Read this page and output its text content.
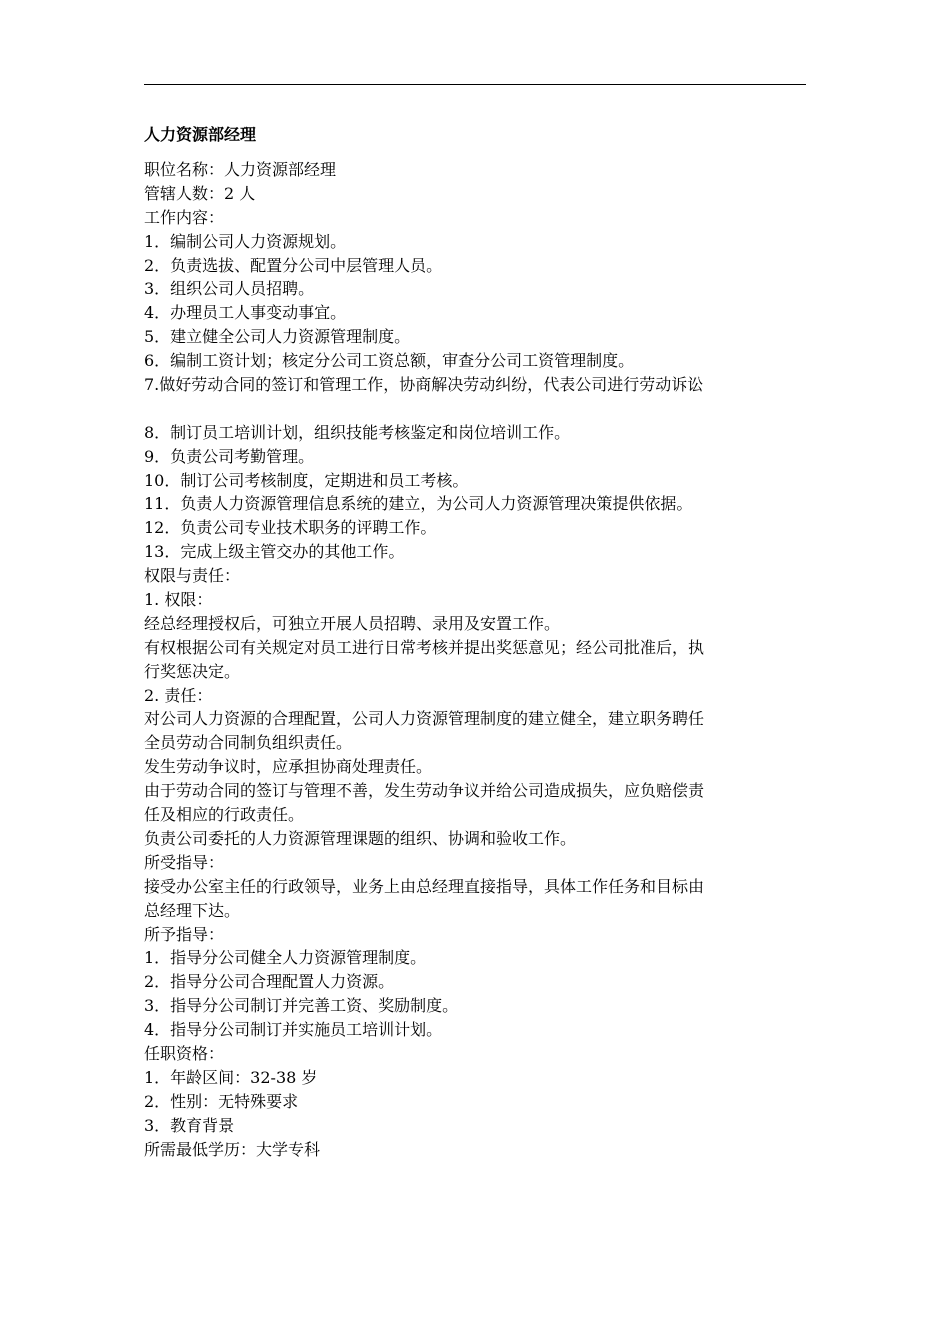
人力资源部经理
职位名称：人力资源部经理
管辖人数：2 人
工作内容：
1．编制公司人力资源规划。
2．负责选拔、配置分公司中层管理人员。
3．组织公司人员招聘。
4．办理员工人事变动事宜。
5．建立健全公司人力资源管理制度。
6．编制工资计划；核定分公司工资总额，审查分公司工资管理制度。
7.做好劳动合同的签订和管理工作，协商解决劳动纠纷，代表公司进行劳动诉讼
8．制订员工培训计划，组织技能考核鉴定和岗位培训工作。
9．负责公司考勤管理。
10．制订公司考核制度，定期进和员工考核。
11．负责人力资源管理信息系统的建立，为公司人力资源管理决策提供依据。
12．负责公司专业技术职务的评聘工作。
13．完成上级主管交办的其他工作。
权限与责任：
1. 权限：
经总经理授权后，可独立开展人员招聘、录用及安置工作。
有权根据公司有关规定对员工进行日常考核并提出奖惩意见；经公司批准后，执
行奖惩决定。
2. 责任：
对公司人力资源的合理配置，公司人力资源管理制度的建立健全，建立职务聘任
全员劳动合同制负组织责任。
发生劳动争议时，应承担协商处理责任。
由于劳动合同的签订与管理不善，发生劳动争议并给公司造成损失，应负赔偿责
任及相应的行政责任。
负责公司委托的人力资源管理课题的组织、协调和验收工作。
所受指导：
接受办公室主任的行政领导，业务上由总经理直接指导，具体工作任务和目标由
总经理下达。
所予指导：
1．指导分公司健全人力资源管理制度。
2．指导分公司合理配置人力资源。
3．指导分公司制订并完善工资、奖励制度。
4．指导分公司制订并实施员工培训计划。
任职资格：
1．年龄区间：32-38 岁
2．性别：无特殊要求
3．教育背景
所需最低学历：大学专科
